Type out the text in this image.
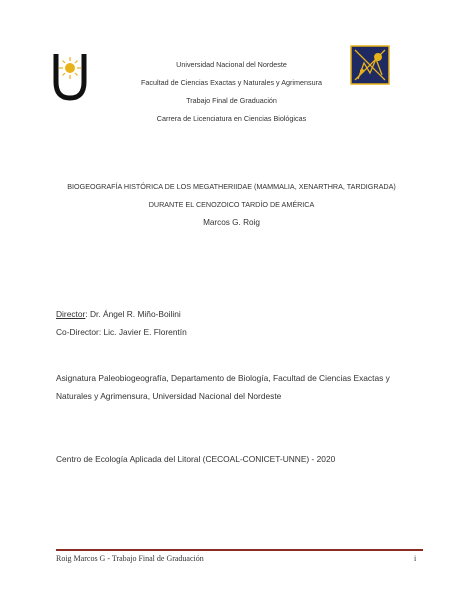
Universidad Nacional del Nordeste
Facultad de Ciencias Exactas y Naturales y Agrimensura
Trabajo Final de Graduación
Carrera de Licenciatura en Ciencias Biológicas
BIOGEOGRAFÍA HISTÓRICA DE LOS MEGATHERIIDAE (MAMMALIA, XENARTHRA, TARDIGRADA)
DURANTE EL CENOZOICO TARDÍO DE AMÉRICA
Marcos G. Roig
Director: Dr. Ángel R. Miño-Boilini
Co-Director: Lic. Javier E. Florentín
Asignatura Paleobiogeografía, Departamento de Biología, Facultad de Ciencias Exactas y
Naturales y Agrimensura, Universidad Nacional del Nordeste
Centro de Ecología Aplicada del Litoral (CECOAL-CONICET-UNNE) - 2020
Roig Marcos G - Trabajo Final de Graduación	i
